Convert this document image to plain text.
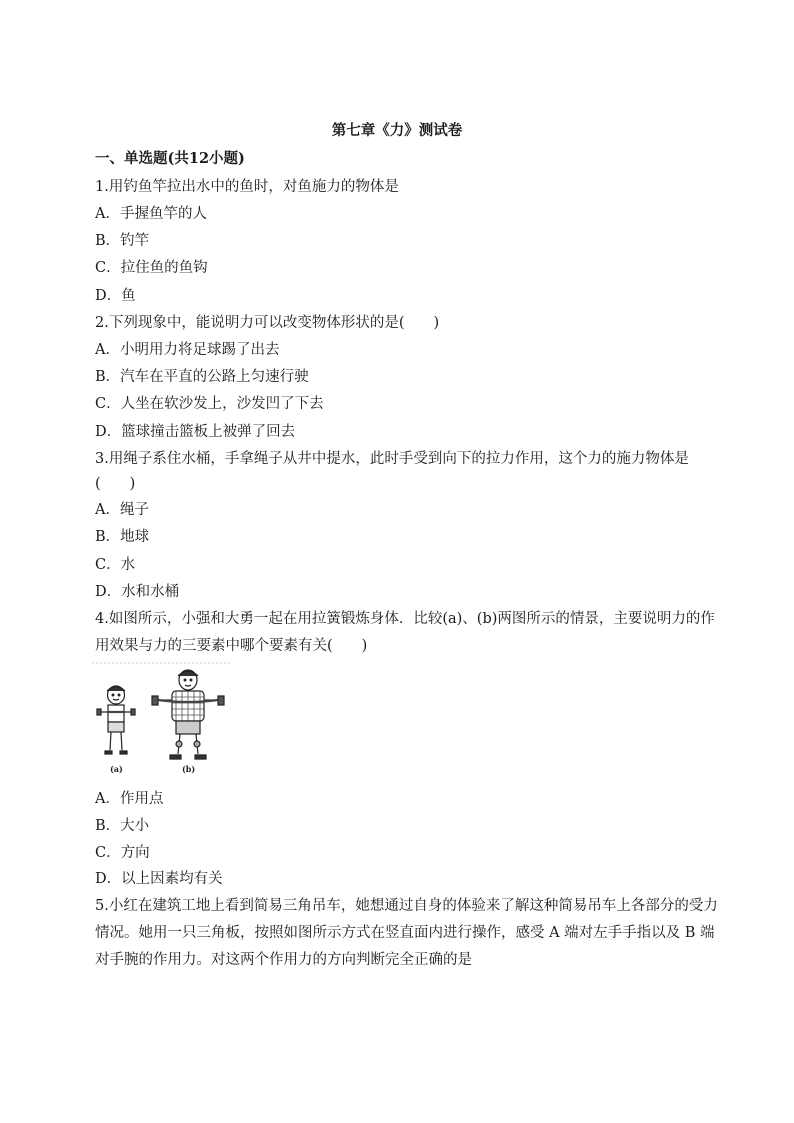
第七章《力》测试卷
一、单选题(共12小题)
1.用钓鱼竿拉出水中的鱼时，对鱼施力的物体是
A．手握鱼竿的人
B．钓竿
C．拉住鱼的鱼钩
D．鱼
2.下列现象中，能说明力可以改变物体形状的是(　　)
A．小明用力将足球踢了出去
B．汽车在平直的公路上匀速行驶
C．人坐在软沙发上，沙发凹了下去
D．篮球撞击篮板上被弹了回去
3.用绳子系住水桶，手拿绳子从井中提水，此时手受到向下的拉力作用，这个力的施力物体是
(　　)
A．绳子
B．地球
C．水
D．水和水桶
4.如图所示，小强和大勇一起在用拉簧锻炼身体．比较(a)、(b)两图所示的情景，主要说明力的作
用效果与力的三要素中哪个要素有关(　　)
(a)	(b)
A．作用点
B．大小
C．方向
D．以上因素均有关
5.小红在建筑工地上看到简易三角吊车，她想通过自身的体验来了解这种简易吊车上各部分的受力
情况。她用一只三角板，按照如图所示方式在竖直面内进行操作，感受 A 端对左手手指以及 B 端
对手腕的作用力。对这两个作用力的方向判断完全正确的是
